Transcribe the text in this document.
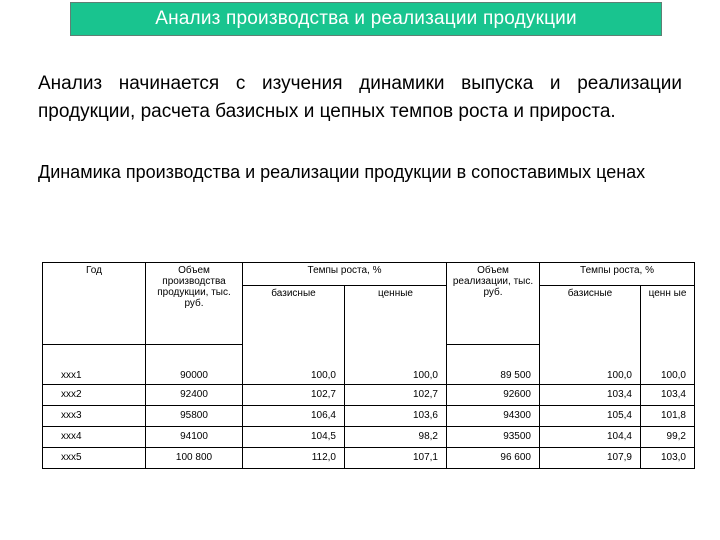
Анализ производства и реализации продукции
Анализ начинается с изучения динамики выпуска и реализации продукции, расчета базисных и цепных темпов роста и прироста.
Динамика производства и реализации продукции в сопоставимых ценах
Год	Объем производства продукции, тыс. руб.	Темпы роста, %		Объем реализации, тыс. руб.	Темпы роста, %	
		базисные	ценные		базисные	ценн ые
xxx1	90000	100,0	100,0	89 500	100,0	100,0
xxx2	92400	102,7	102,7	92600	103,4	103,4
xxx3	95800	106,4	103,6	94300	105,4	101,8
xxx4	94100	104,5	98,2	93500	104,4	99,2
xxx5	100 800	112,0	107,1	96 600	107,9	103,0
